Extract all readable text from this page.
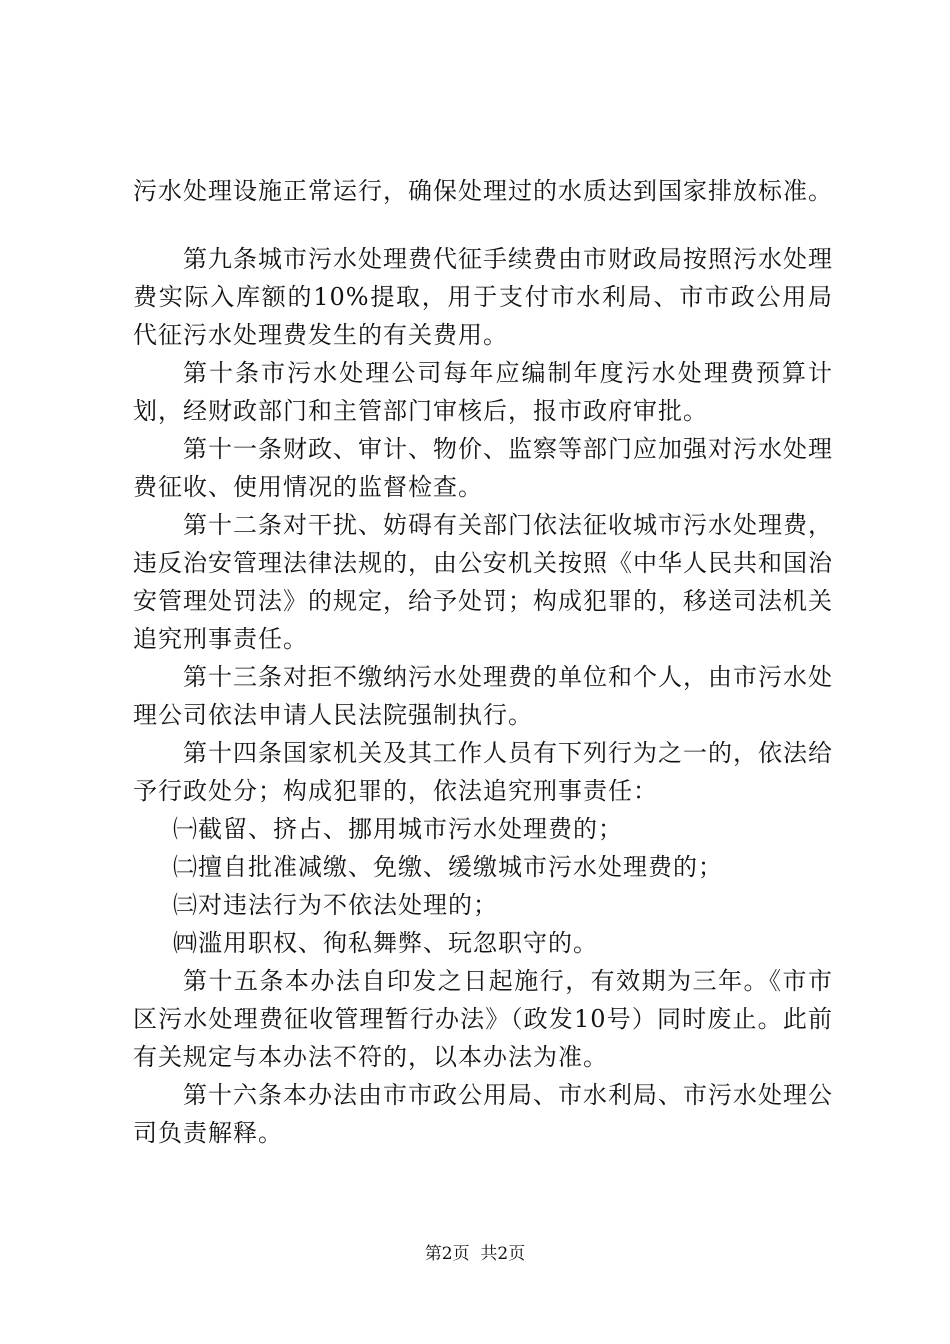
污水处理设施正常运行，确保处理过的水质达到国家排放标准。

第九条城市污水处理费代征手续费由市财政局按照污水处理费实际入库额的10%提取，用于支付市水利局、市市政公用局代征污水处理费发生的有关费用。

第十条市污水处理公司每年应编制年度污水处理费预算计划，经财政部门和主管部门审核后，报市政府审批。

第十一条财政、审计、物价、监察等部门应加强对污水处理费征收、使用情况的监督检查。

第十二条对干扰、妨碍有关部门依法征收城市污水处理费，违反治安管理法律法规的，由公安机关按照《中华人民共和国治安管理处罚法》的规定，给予处罚；构成犯罪的，移送司法机关追究刑事责任。

第十三条对拒不缴纳污水处理费的单位和个人，由市污水处理公司依法申请人民法院强制执行。

第十四条国家机关及其工作人员有下列行为之一的，依法给予行政处分；构成犯罪的，依法追究刑事责任：

㈠截留、挤占、挪用城市污水处理费的；

㈡擅自批准减缴、免缴、缓缴城市污水处理费的；

㈢对违法行为不依法处理的；

㈣滥用职权、徇私舞弊、玩忽职守的。

第十五条本办法自印发之日起施行，有效期为三年。《市市区污水处理费征收管理暂行办法》（政发10号）同时废止。此前有关规定与本办法不符的，以本办法为准。

第十六条本办法由市市政公用局、市水利局、市污水处理公司负责解释。

第2页  共2页
